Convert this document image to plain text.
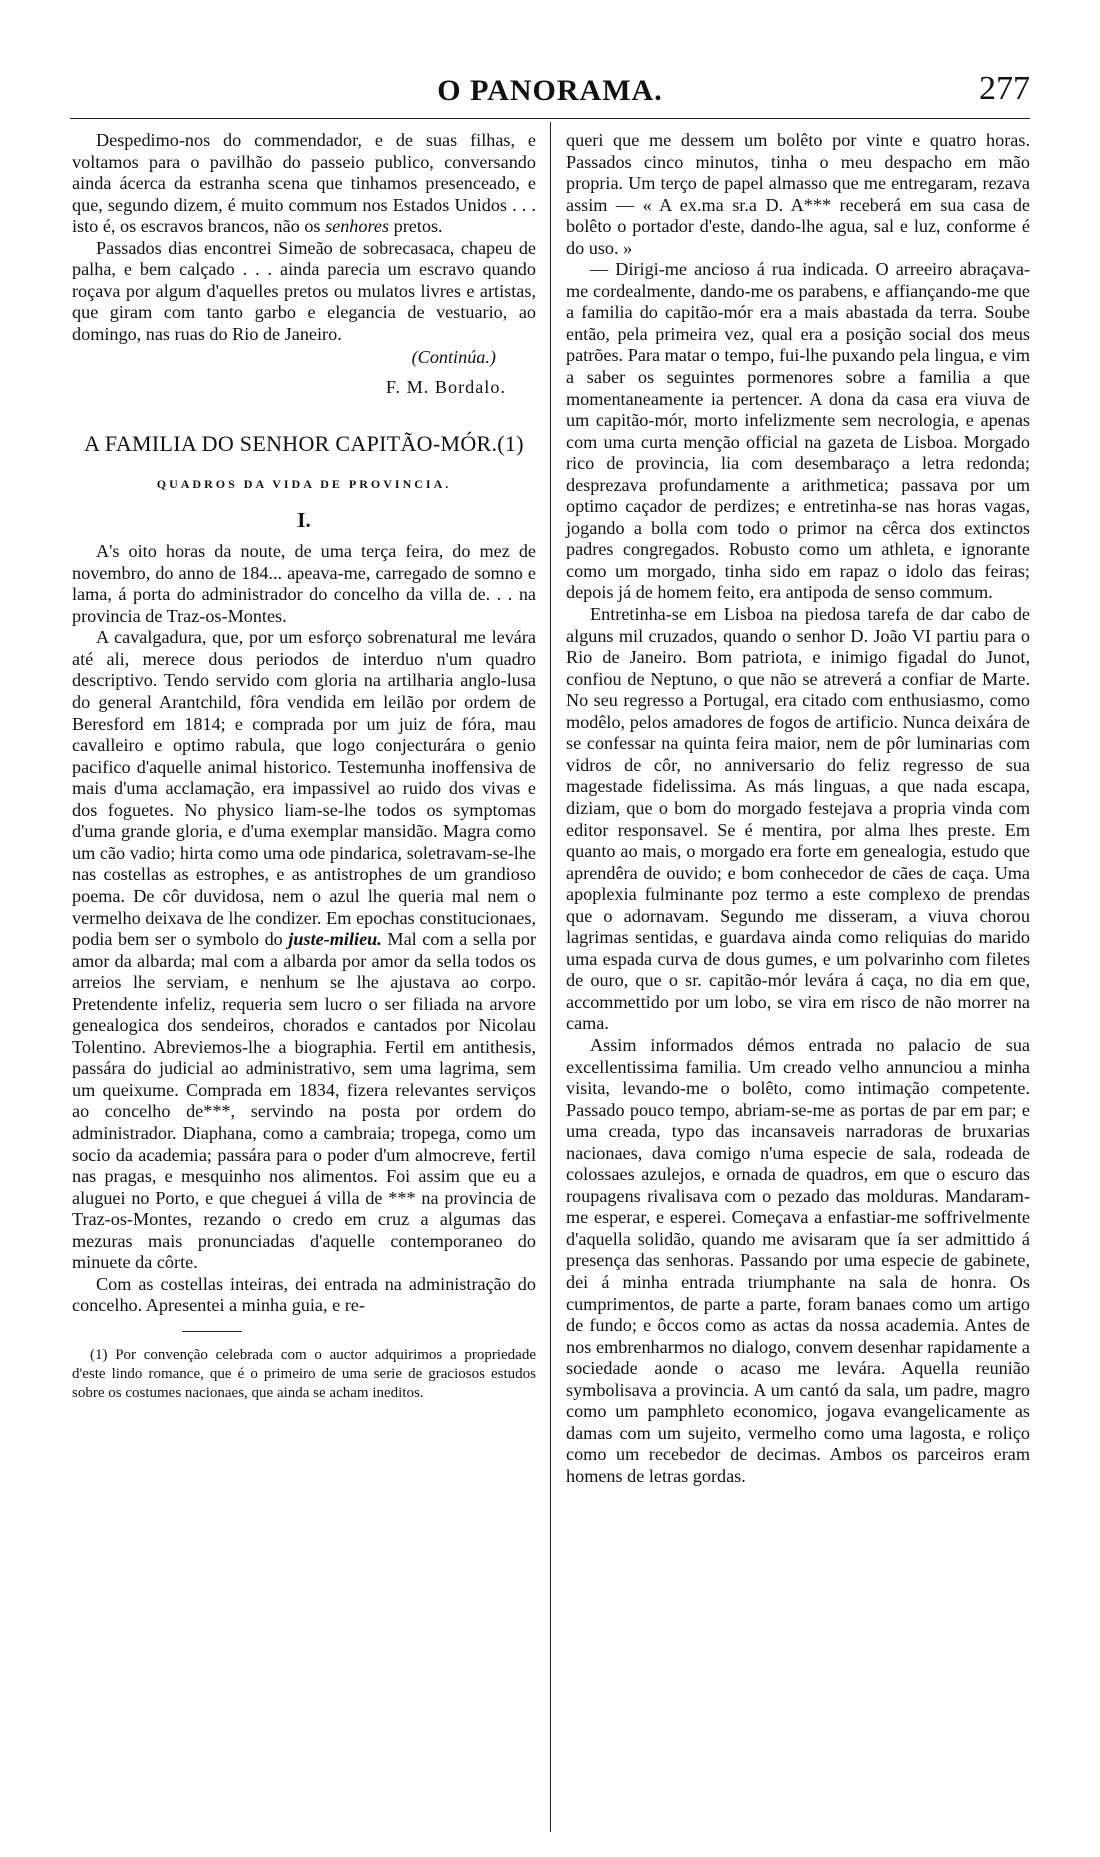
O PANORAMA.	277

Despedimo-nos do commendador, e de suas filhas, e voltamos para o pavilhão do passeio publico, conversando ainda ácerca da estranha scena que tinhamos presenceado, e que, segundo dizem, é muito commum nos Estados Unidos . . . isto é, os escravos brancos, não os senhores pretos.

Passados dias encontrei Simeão de sobrecasaca, chapeu de palha, e bem calçado . . . ainda parecia um escravo quando roçava por algum d'aquelles pretos ou mulatos livres e artistas, que giram com tanto garbo e elegancia de vestuario, ao domingo, nas ruas do Rio de Janeiro.

(Continúa.)

F. M. Bordalo.

A FAMILIA DO SENHOR CAPITÃO-MÓR.(1)
QUADROS DA VIDA DE PROVINCIA.
I.

A's oito horas da noute, de uma terça feira, do mez de novembro, do anno de 184... apeava-me, carregado de somno e lama, á porta do administrador do concelho da villa de. . . na provincia de Traz-os-Montes.

A cavalgadura, que, por um esforço sobrenatural me levára até ali, merece dous periodos de interduo n'um quadro descriptivo. Tendo servido com gloria na artilharia anglo-lusa do general Arantchild, fôra vendida em leilão por ordem de Beresford em 1814; e comprada por um juiz de fóra, mau cavalleiro e optimo rabula, que logo conjecturára o genio pacifico d'aquelle animal historico. Testemunha inoffensiva de mais d'uma acclamação, era impassivel ao ruido dos vivas e dos foguetes. No physico liam-se-lhe todos os symptomas d'uma grande gloria, e d'uma exemplar mansidão. Magra como um cão vadio; hirta como uma ode pindarica, soletravam-se-lhe nas costellas as estrophes, e as antistrophes de um grandioso poema. De côr duvidosa, nem o azul lhe queria mal nem o vermelho deixava de lhe condizer. Em epochas constitucionaes, podia bem ser o symbolo do juste-milieu. Mal com a sella por amor da albarda; mal com a albarda por amor da sella todos os arreios lhe serviam, e nenhum se lhe ajustava ao corpo. Pretendente infeliz, requeria sem lucro o ser filiada na arvore genealogica dos sendeiros, chorados e cantados por Nicolau Tolentino. Abreviemos-lhe a biographia. Fertil em antithesis, passára do judicial ao administrativo, sem uma lagrima, sem um queixume. Comprada em 1834, fizera relevantes serviços ao concelho de***, servindo na posta por ordem do administrador. Diaphana, como a cambraia; tropega, como um socio da academia; passára para o poder d'um almocreve, fertil nas pragas, e mesquinho nos alimentos. Foi assim que eu a aluguei no Porto, e que cheguei á villa de *** na provincia de Traz-os-Montes, rezando o credo em cruz a algumas das mezuras mais pronunciadas d'aquelle contemporaneo do minuete da côrte.

Com as costellas inteiras, dei entrada na administração do concelho. Apresentei a minha guia, e re-

(1) Por convenção celebrada com o auctor adquirimos a propriedade d'este lindo romance, que é o primeiro de uma serie de graciosos estudos sobre os costumes nacionaes, que ainda se acham ineditos.

queri que me dessem um bolêto por vinte e quatro horas. Passados cinco minutos, tinha o meu despacho em mão propria. Um terço de papel almasso que me entregaram, rezava assim — « A ex.ma sr.a D. A*** receberá em sua casa de bolêto o portador d'este, dando-lhe agua, sal e luz, conforme é do uso. »

— Dirigi-me ancioso á rua indicada. O arreeiro abraçava-me cordealmente, dando-me os parabens, e affiançando-me que a familia do capitão-mór era a mais abastada da terra. Soube então, pela primeira vez, qual era a posição social dos meus patrões. Para matar o tempo, fui-lhe puxando pela lingua, e vim a saber os seguintes pormenores sobre a familia a que momentaneamente ia pertencer. A dona da casa era viuva de um capitão-mór, morto infelizmente sem necrologia, e apenas com uma curta menção official na gazeta de Lisboa. Morgado rico de provincia, lia com desembaraço a letra redonda; desprezava profundamente a arithmetica; passava por um optimo caçador de perdizes; e entretinha-se nas horas vagas, jogando a bolla com todo o primor na cêrca dos extinctos padres congregados. Robusto como um athleta, e ignorante como um morgado, tinha sido em rapaz o idolo das feiras; depois já de homem feito, era antipoda de senso commum.

Entretinha-se em Lisboa na piedosa tarefa de dar cabo de alguns mil cruzados, quando o senhor D. João VI partiu para o Rio de Janeiro. Bom patriota, e inimigo figadal do Junot, confiou de Neptuno, o que não se atreverá a confiar de Marte. No seu regresso a Portugal, era citado com enthusiasmo, como modêlo, pelos amadores de fogos de artificio. Nunca deixára de se confessar na quinta feira maior, nem de pôr luminarias com vidros de côr, no anniversario do feliz regresso de sua magestade fidelissima. As más linguas, a que nada escapa, diziam, que o bom do morgado festejava a propria vinda com editor responsavel. Se é mentira, por alma lhes preste. Em quanto ao mais, o morgado era forte em genealogia, estudo que aprendêra de ouvido; e bom conhecedor de cães de caça. Uma apoplexia fulminante poz termo a este complexo de prendas que o adornavam. Segundo me disseram, a viuva chorou lagrimas sentidas, e guardava ainda como reliquias do marido uma espada curva de dous gumes, e um polvarinho com filetes de ouro, que o sr. capitão-mór levára á caça, no dia em que, accommettido por um lobo, se vira em risco de não morrer na cama.

Assim informados démos entrada no palacio de sua excellentissima familia. Um creado velho annunciou a minha visita, levando-me o bolêto, como intimação competente. Passado pouco tempo, abriam-se-me as portas de par em par; e uma creada, typo das incansaveis narradoras de bruxarias nacionaes, dava comigo n'uma especie de sala, rodeada de colossaes azulejos, e ornada de quadros, em que o escuro das roupagens rivalisava com o pezado das molduras. Mandaram-me esperar, e esperei. Começava a enfastiar-me soffrivelmente d'aquella solidão, quando me avisaram que ía ser admittido á presença das senhoras. Passando por uma especie de gabinete, dei á minha entrada triumphante na sala de honra. Os cumprimentos, de parte a parte, foram banaes como um artigo de fundo; e ôccos como as actas da nossa academia. Antes de nos embrenharmos no dialogo, convem desenhar rapidamente a sociedade aonde o acaso me levára. Aquella reunião symbolisava a provincia. A um cantó da sala, um padre, magro como um pamphleto economico, jogava evangelicamente as damas com um sujeito, vermelho como uma lagosta, e roliço como um recebedor de decimas. Ambos os parceiros eram homens de letras gordas.
